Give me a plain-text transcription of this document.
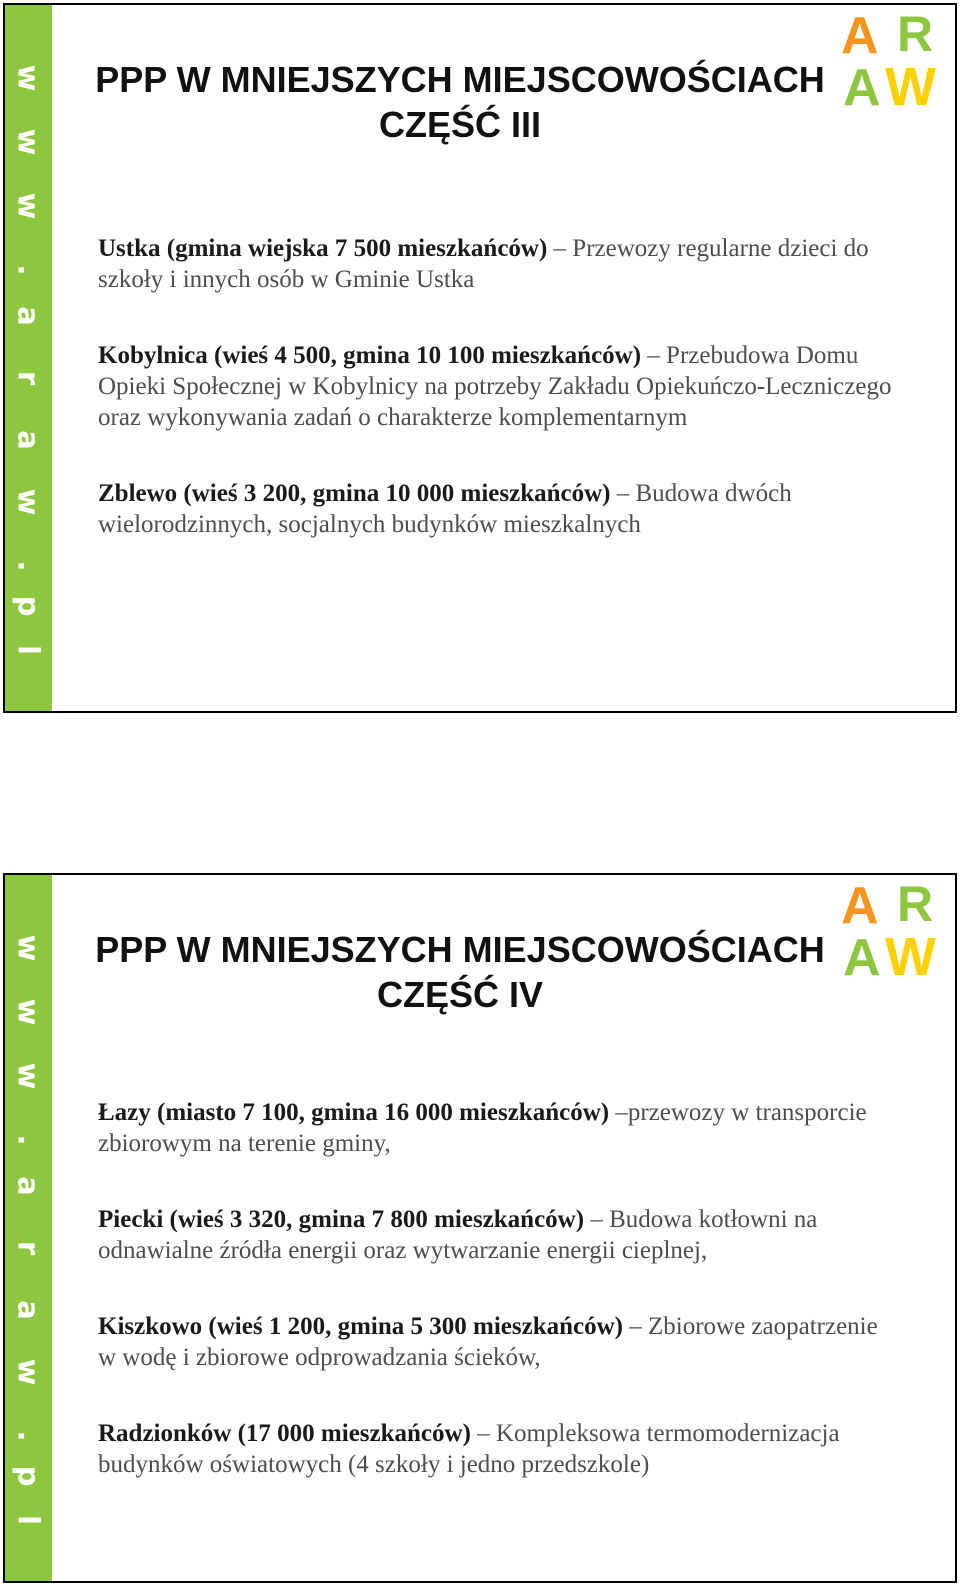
w
w
w
.
a
r
a
w
.
p
l
A R
A W
PPP W MNIEJSZYCH MIEJSCOWOŚCIACH
CZĘŚĆ III

Ustka (gmina wiejska 7 500 mieszkańców) – Przewozy regularne dzieci do szkoły i innych osób w Gminie Ustka

Kobylnica (wieś 4 500, gmina 10 100 mieszkańców) – Przebudowa Domu Opieki Społecznej w Kobylnicy na potrzeby Zakładu Opiekuńczo-Leczniczego oraz wykonywania zadań o charakterze komplementarnym

Zblewo (wieś 3 200, gmina 10 000 mieszkańców) – Budowa dwóch wielorodzinnych, socjalnych budynków mieszkalnych

w
w
w
.
a
r
a
w
.
p
l
A R
A W
PPP W MNIEJSZYCH MIEJSCOWOŚCIACH
CZĘŚĆ IV

Łazy (miasto 7 100, gmina 16 000 mieszkańców) –przewozy w transporcie zbiorowym na terenie gminy,

Piecki (wieś 3 320, gmina 7 800 mieszkańców) – Budowa kotłowni na odnawialne źródła energii oraz wytwarzanie energii cieplnej,

Kiszkowo (wieś 1 200, gmina 5 300 mieszkańców) – Zbiorowe zaopatrzenie w wodę i zbiorowe odprowadzania ścieków,

Radzionków (17 000 mieszkańców) – Kompleksowa termomodernizacja budynków oświatowych (4 szkoły i jedno przedszkole)
